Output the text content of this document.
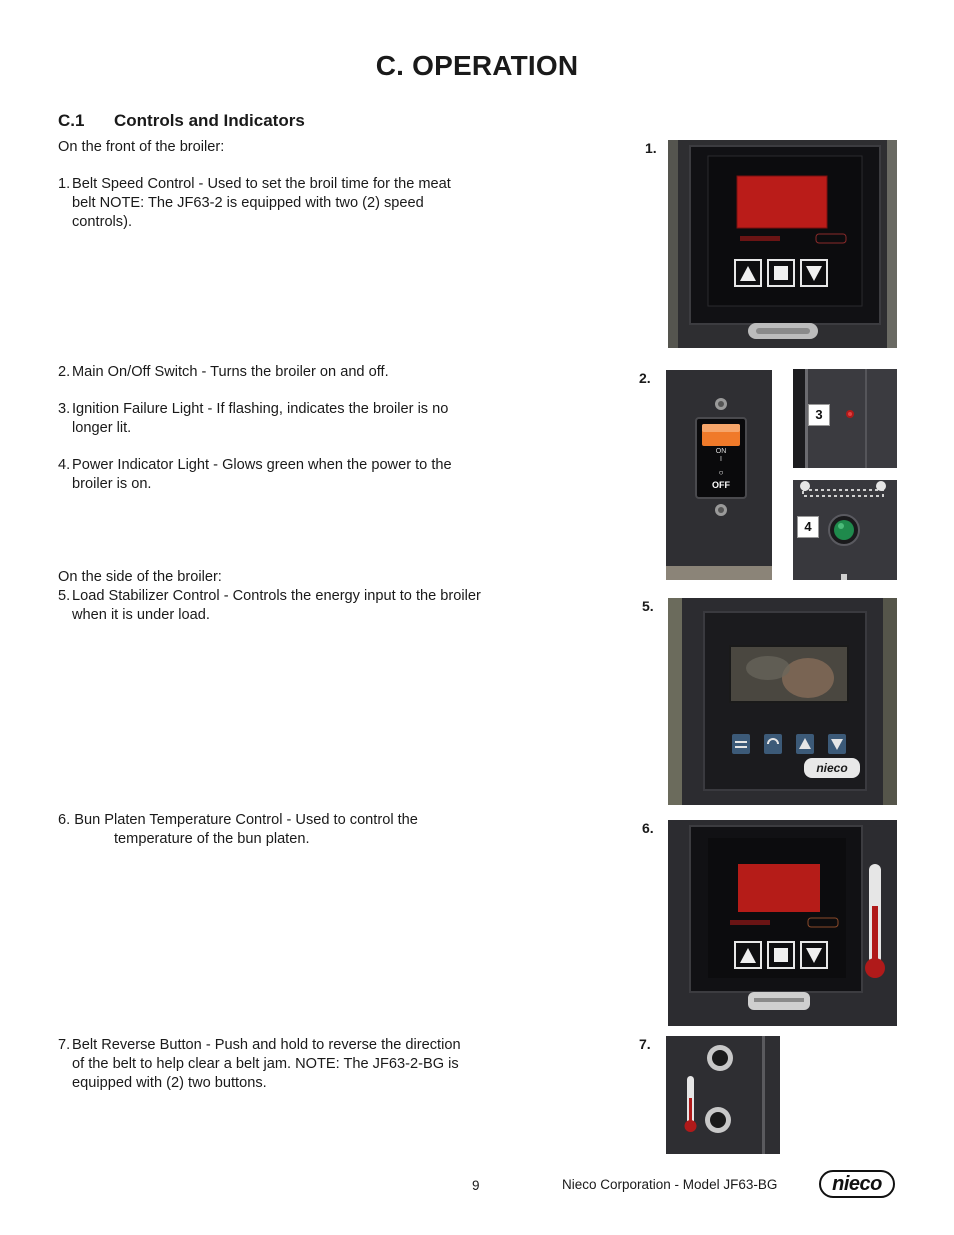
C. OPERATION
C.1 Controls and Indicators
On the front of the broiler:
1. Belt Speed Control - Used to set the broil time for the meat belt NOTE: The JF63-2 is equipped with two (2) speed controls).
2. Main On/Off Switch - Turns the broiler on and off.
3. Ignition Failure Light - If flashing, indicates the broiler is no longer lit.
4. Power Indicator Light - Glows green when the power to the broiler is on.
On the side of the broiler:
5. Load Stabilizer Control - Controls the energy input to the broiler when it is under load.
6. Bun Platen Temperature Control - Used to control the
temperature of the bun platen.
7. Belt Reverse Button - Push and hold to reverse the direction of the belt to help clear a belt jam. NOTE: The JF63-2-BG is equipped with (2) two buttons.
1.
2.
5.
6.
7.
ON
I
○
OFF
3
4
nieco
9	Nieco Corporation - Model JF63-BG	nieco
